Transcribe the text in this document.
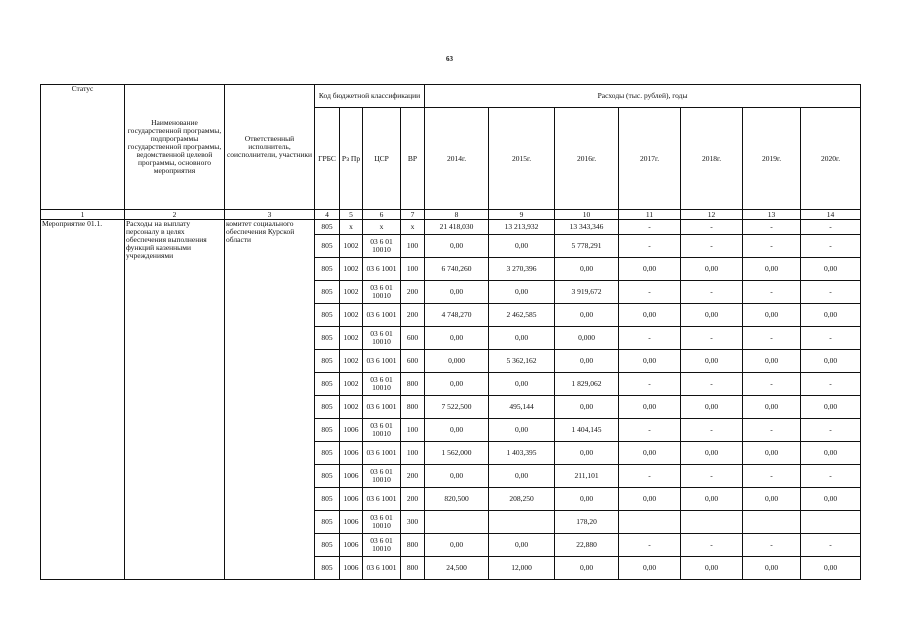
63
Статус	Наименование государственной программы, подпрограммы государственной программы, ведомственной целевой программы, основного мероприятия	Ответственный исполнитель, соисполнители, участники	Код бюджетной классификации				Расходы (тыс. рублей), годы						
			ГРБС	Рз Пр	ЦСР	ВР	2014г.	2015г.	2016г.	2017г.	2018г.	2019г.	2020г.
1	2	3	4	5	6	7	8	9	10	11	12	13	14
Мероприятие 01.1.	Расходы на выплату персоналу в целях обеспечения выполнения функций казенными учреждениями	комитет социального обеспечения Курской области	805	x	x	x	21 418,030	13 213,932	13 343,346	-	-	-	-
			805	1002	03 6 01 10010	100	0,00	0,00	5 778,291	-	-	-	-
			805	1002	03 6 1001	100	6 740,260	3 270,396	0,00	0,00	0,00	0,00	0,00
			805	1002	03 6 01 10010	200	0,00	0,00	3 919,672	-	-	-	-
			805	1002	03 6 1001	200	4 748,270	2 462,585	0,00	0,00	0,00	0,00	0,00
			805	1002	03 6 01 10010	600	0,00	0,00	0,000	-	-	-	-
			805	1002	03 6 1001	600	0,000	5 362,162	0,00	0,00	0,00	0,00	0,00
			805	1002	03 6 01 10010	800	0,00	0,00	1 829,062	-	-	-	-
			805	1002	03 6 1001	800	7 522,500	495,144	0,00	0,00	0,00	0,00	0,00
			805	1006	03 6 01 10010	100	0,00	0,00	1 404,145	-	-	-	-
			805	1006	03 6 1001	100	1 562,000	1 403,395	0,00	0,00	0,00	0,00	0,00
			805	1006	03 6 01 10010	200	0,00	0,00	211,101	-	-	-	-
			805	1006	03 6 1001	200	820,500	208,250	0,00	0,00	0,00	0,00	0,00
			805	1006	03 6 01 10010	300			178,20				
			805	1006	03 6 01 10010	800	0,00	0,00	22,880	-	-	-	-
			805	1006	03 6 1001	800	24,500	12,000	0,00	0,00	0,00	0,00	0,00
